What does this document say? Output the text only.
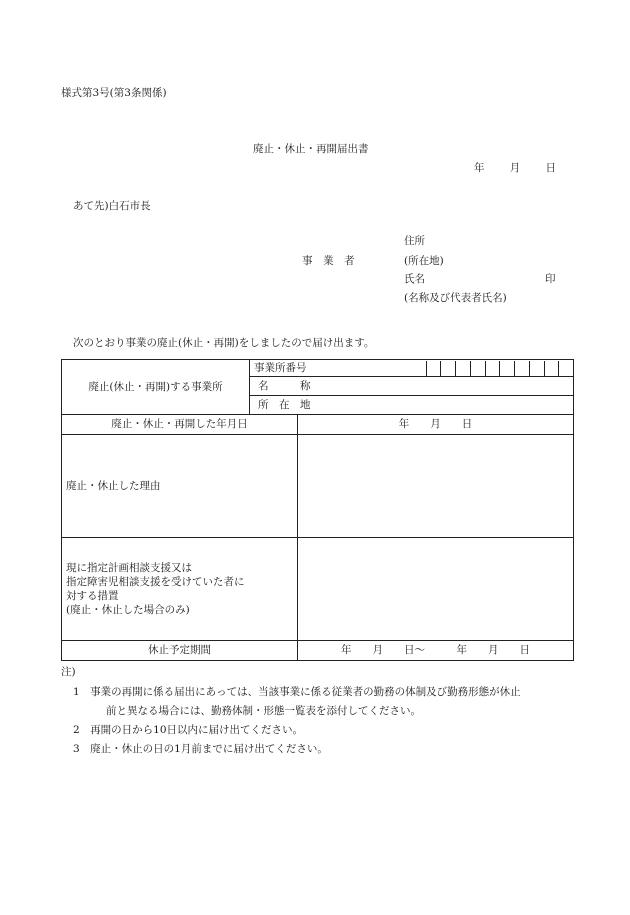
様式第3号(第3条関係)
廃止・休止・再開届出書
年 月 日
あて先)白石市長
事　業　者
住所
(所在地)
氏名	印
(名称及び代表者氏名)
次のとおり事業の廃止(休止・再開)をしましたので届け出ます。
廃止(休止・再開)する事業所	事業所番号		

	名　　　称		
	所　在　地		
廃止・休止・再開した年月日		年　　月　　日	
廃止・休止した理由			

現に指定計画相談支援又は
指定障害児相談支援を受けていた者に
対する措置
(廃止・休止した場合のみ)			

休止予定期間		年　　月　　日～　　　年　　月　　日	
注)
1　事業の再開に係る届出にあっては、当該事業に係る従業者の勤務の体制及び勤務形態が休止
前と異なる場合には、勤務体制・形態一覧表を添付してください。
2　再開の日から10日以内に届け出てください。
3　廃止・休止の日の1月前までに届け出てください。
